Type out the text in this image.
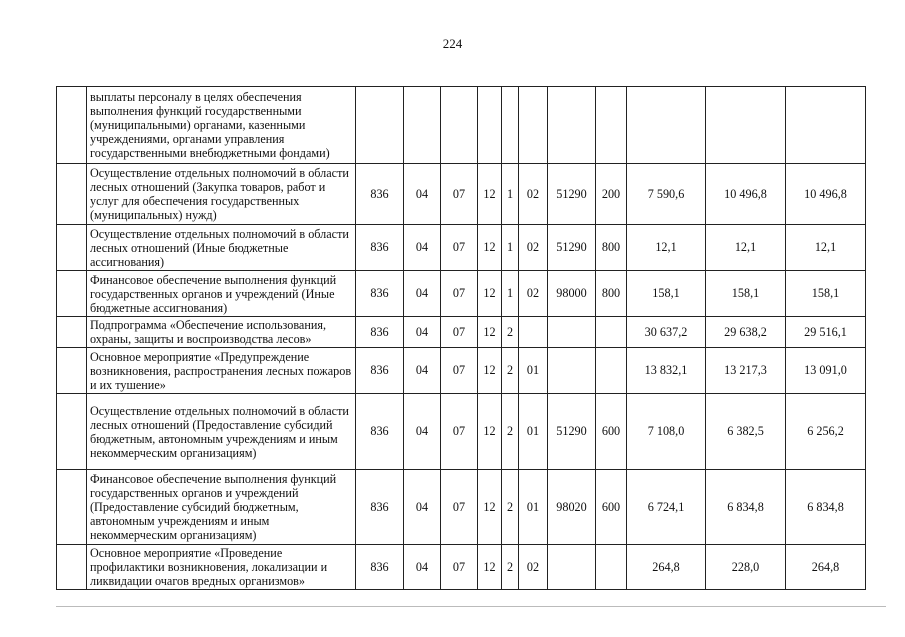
224
	выплаты персоналу в целях обеспечения выполнения функций государственными (муниципальными) органами, казенными учреждениями, органами управления государственными внебюджетными фондами)											
	Осуществление отдельных полномочий в области лесных отношений (Закупка товаров, работ и услуг для обеспечения государственных (муниципальных) нужд)	836	04	07	12	1	02	51290	200	7 590,6	10 496,8	10 496,8
	Осуществление отдельных полномочий в области лесных отношений (Иные бюджетные ассигнования)	836	04	07	12	1	02	51290	800	12,1	12,1	12,1
	Финансовое обеспечение выполнения функций государственных органов и учреждений (Иные бюджетные ассигнования)	836	04	07	12	1	02	98000	800	158,1	158,1	158,1
	Подпрограмма «Обеспечение использования, охраны, защиты и воспроизводства лесов»	836	04	07	12	2				30 637,2	29 638,2	29 516,1
	Основное мероприятие «Предупреждение возникновения, распространения лесных пожаров и их тушение»	836	04	07	12	2	01			13 832,1	13 217,3	13 091,0
	Осуществление отдельных полномочий в области лесных отношений (Предоставление субсидий бюджетным, автономным учреждениям и иным некоммерческим организациям)	836	04	07	12	2	01	51290	600	7 108,0	6 382,5	6 256,2
	Финансовое обеспечение выполнения функций государственных органов и учреждений (Предоставление субсидий бюджетным, автономным учреждениям и иным некоммерческим организациям)	836	04	07	12	2	01	98020	600	6 724,1	6 834,8	6 834,8
	Основное мероприятие «Проведение профилактики возникновения, локализации и ликвидации очагов вредных организмов»	836	04	07	12	2	02			264,8	228,0	264,8
